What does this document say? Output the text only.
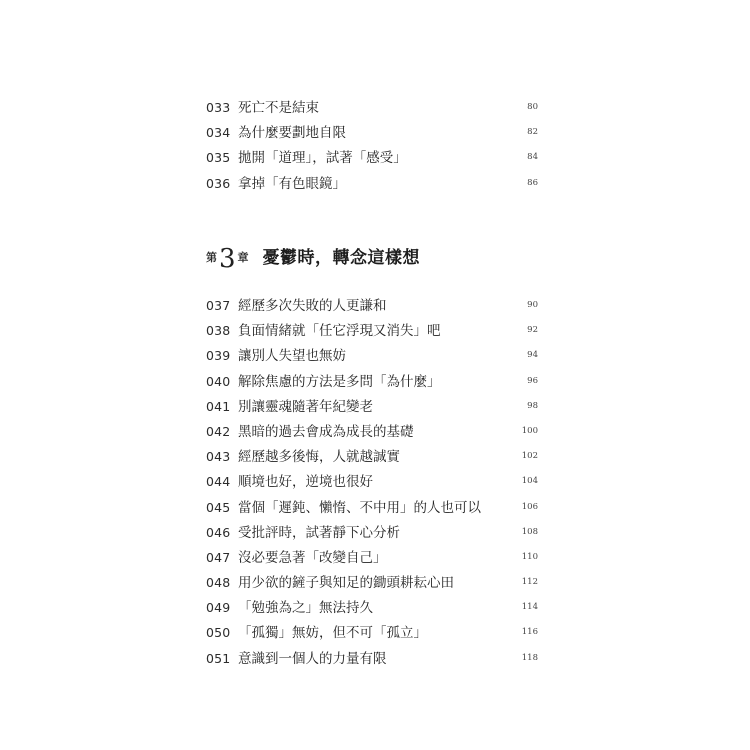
033 死亡不是結束	80
034 為什麼要劃地自限	82
035 拋開「道理」，試著「感受」	84
036 拿掉「有色眼鏡」	86
第3 章 憂鬱時，轉念這樣想
037 經歷多次失敗的人更謙和	90
038 負面情緒就「任它浮現又消失」吧	92
039 讓別人失望也無妨	94
040 解除焦慮的方法是多問「為什麼」	96
041 別讓靈魂隨著年紀變老	98
042 黑暗的過去會成為成長的基礎	100
043 經歷越多後悔，人就越誠實	102
044 順境也好，逆境也很好	104
045 當個「遲鈍、懶惰、不中用」的人也可以	106
046 受批評時，試著靜下心分析	108
047 沒必要急著「改變自己」	110
048 用少欲的鏟子與知足的鋤頭耕耘心田	112
049 「勉強為之」無法持久	114
050 「孤獨」無妨，但不可「孤立」	116
051 意識到一個人的力量有限	118
